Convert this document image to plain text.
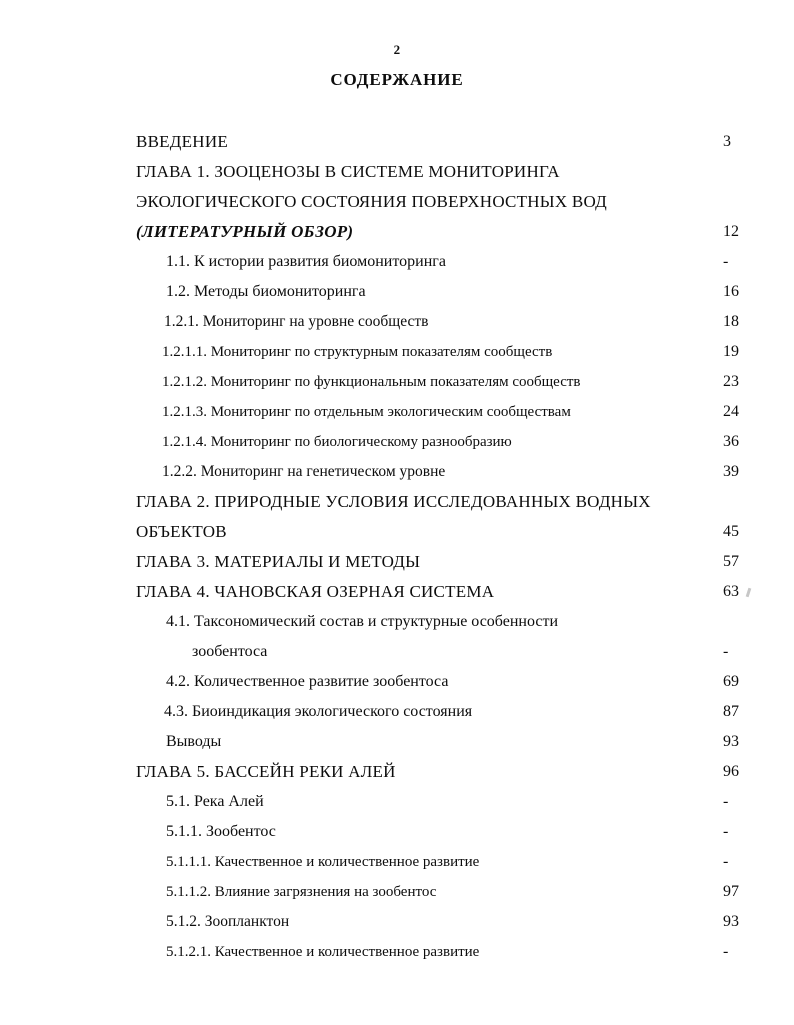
2
СОДЕРЖАНИЕ
ВВЕДЕНИЕ	3
ГЛАВА 1. ЗООЦЕНОЗЫ В СИСТЕМЕ МОНИТОРИНГА
ЭКОЛОГИЧЕСКОГО СОСТОЯНИЯ ПОВЕРХНОСТНЫХ ВОД
(ЛИТЕРАТУРНЫЙ ОБЗОР)	12
1.1. К истории развития биомониторинга	-
1.2. Методы биомониторинга	16
1.2.1. Мониторинг на уровне сообществ	18
1.2.1.1. Мониторинг по структурным показателям сообществ	19
1.2.1.2. Мониторинг по функциональным показателям сообществ	23
1.2.1.3. Мониторинг по отдельным экологическим сообществам	24
1.2.1.4. Мониторинг по биологическому разнообразию	36
1.2.2. Мониторинг на генетическом уровне	39
ГЛАВА 2. ПРИРОДНЫЕ УСЛОВИЯ ИССЛЕДОВАННЫХ ВОДНЫХ
ОБЪЕКТОВ	45
ГЛАВА 3. МАТЕРИАЛЫ И МЕТОДЫ	57
ГЛАВА 4. ЧАНОВСКАЯ ОЗЕРНАЯ СИСТЕМА	63
4.1. Таксономический состав и структурные особенности
зообентоса	-
4.2. Количественное развитие зообентоса	69
4.3. Биоиндикация экологического состояния	87
Выводы	93
ГЛАВА 5. БАССЕЙН РЕКИ АЛЕЙ	96
5.1. Река Алей	-
5.1.1. Зообентос	-
5.1.1.1. Качественное и количественное развитие	-
5.1.1.2. Влияние загрязнения на зообентос	97
5.1.2. Зоопланктон	93
5.1.2.1. Качественное и количественное развитие	-
